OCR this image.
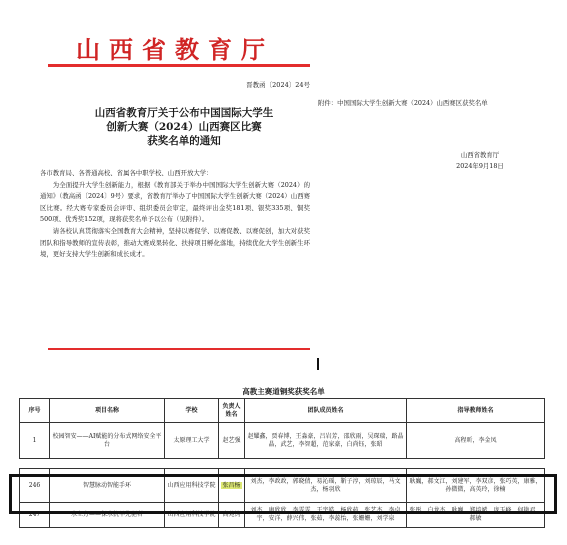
山西省教育厅
晋教函〔2024〕24号
山西省教育厅关于公布中国国际大学生
创新大赛（2024）山西赛区比赛
获奖名单的通知
各市教育局、各普通高校、省属各中职学校、山西开放大学：
为全面提升大学生创新能力，根据《教育部关于举办中国国际大学生创新大赛（2024）的通知》（教高函〔2024〕9号）要求，省教育厅举办了中国国际大学生创新大赛（2024）山西赛区比赛。经大赛专家委员会评审、组织委员会审定，最终评出金奖181项、银奖335项、铜奖500项、优秀奖152项，现将获奖名单予以公布（见附件）。
请各校认真贯彻落实全国教育大会精神，坚持以赛促学、以赛促教、以赛促创，加大对获奖团队和指导教师的宣传表彰，推动大赛成果转化、扶持项目孵化落地，持续优化大学生创新生环境，更好支持大学生创新和成长成才。
附件：中国国际大学生创新大赛（2024）山西赛区获奖名单
山西省教育厅
2024年9月18日
高教主赛道铜奖获奖名单
序号	项目名称	学校	负责人姓名	团队成员姓名	指导教师姓名
1	校园智安——AI赋能的分布式网络安全平台	太原理工大学	赵艺强	赵耀鑫，贾春博，王淼豪，吕岩芳，邵欣雨，吴琛瑞，路晶晶，武艺，李智超，范家豪，白尚钰，张昭	高程昕，李金凤

246	智慧脉动智能手环	山西应用科技学院	张昌杨	刘杰，李政政，郭晓倩，易沁瑶，靳子淳，刘琼辰，马文杰，杨羽欣	耿巍，郝文江，刘建军，李双彦，张巧英，康雅，孙微微，高英玲，徐楠
247	水立方——保水抗旱先驱者	山西应用科技学院	高苑钧	刘杰，康欣欣，李雯雯，王宇皓，杨欣茹，张艺杰，李卓宇，安洋，薛兴伟，张茹，李蕊怡，张姗姗，刘学泉	张彤，白龙杰，耿巍，郑培斌，庞玉峰，何艳君，郝敏
